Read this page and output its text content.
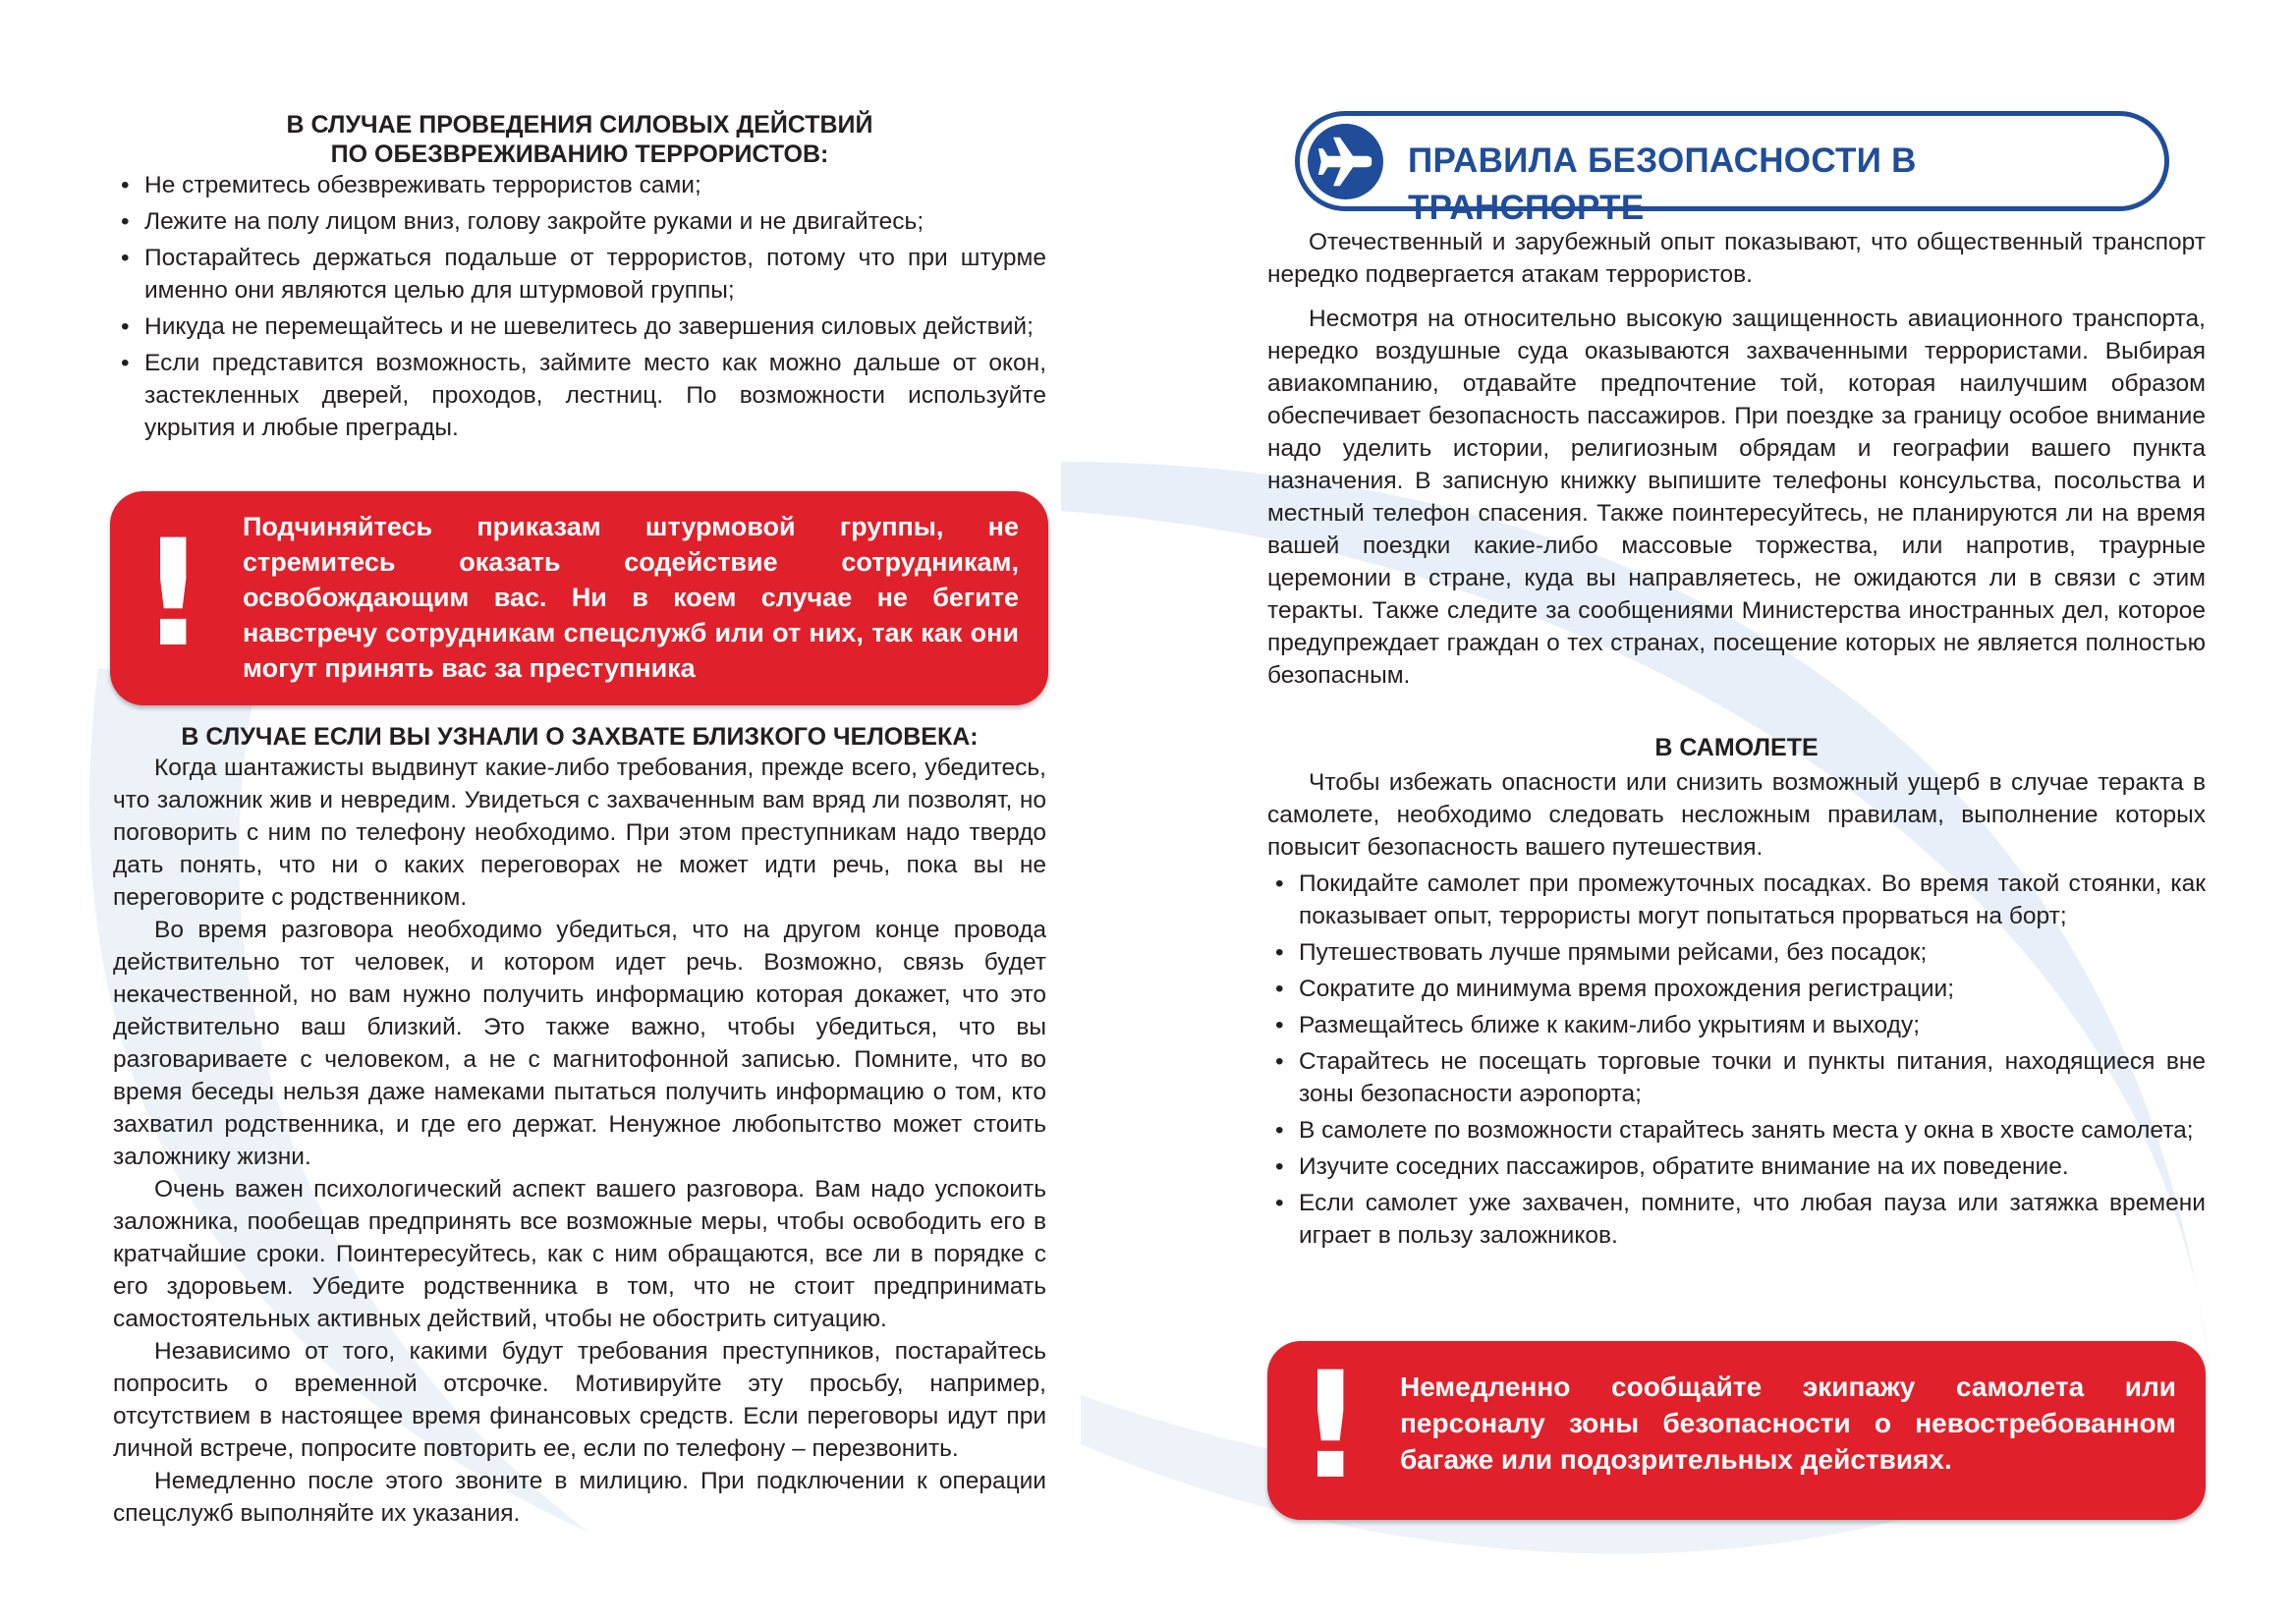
В СЛУЧАЕ ПРОВЕДЕНИЯ СИЛОВЫХ ДЕЙСТВИЙ
ПО ОБЕЗВРЕЖИВАНИЮ ТЕРРОРИСТОВ:
• Не стремитесь обезвреживать террористов сами;
• Лежите на полу лицом вниз, голову закройте руками и не двигайтесь;
• Постарайтесь держаться подальше от террористов, потому что при штурме именно они являются целью для штурмовой группы;
• Никуда не перемещайтесь и не шевелитесь до завершения силовых действий;
• Если представится возможность, займите место как можно дальше от окон, застекленных дверей, проходов, лестниц. По возможности используйте укрытия и любые преграды.
! Подчиняйтесь приказам штурмовой группы, не стремитесь оказать содействие сотрудникам, освобождающим вас. Ни в коем случае не бегите навстречу сотрудникам спецслужб или от них, так как они могут принять вас за преступника
В СЛУЧАЕ ЕСЛИ ВЫ УЗНАЛИ О ЗАХВАТЕ БЛИЗКОГО ЧЕЛОВЕКА:

Когда шантажисты выдвинут какие-либо требования, прежде всего, убедитесь, что заложник жив и невредим. Увидеться с захваченным вам вряд ли позволят, но поговорить с ним по телефону необходимо. При этом преступникам надо твердо дать понять, что ни о каких переговорах не может идти речь, пока вы не переговорите с родственником.

Во время разговора необходимо убедиться, что на другом конце провода действительно тот человек, и котором идет речь. Возможно, связь будет некачественной, но вам нужно получить информацию которая докажет, что это действительно ваш близкий. Это также важно, чтобы убедиться, что вы разговариваете с человеком, а не с магнитофонной записью. Помните, что во время беседы нельзя даже намеками пытаться получить информацию о том, кто захватил родственника, и где его держат. Ненужное любопытство может стоить заложнику жизни.

Очень важен психологический аспект вашего разговора. Вам надо успокоить заложника, пообещав предпринять все возможные меры, чтобы освободить его в кратчайшие сроки. Поинтересуйтесь, как с ним обращаются, все ли в порядке с его здоровьем. Убедите родственника в том, что не стоит предпринимать самостоятельных активных действий, чтобы не обострить ситуацию.

Независимо от того, какими будут требования преступников, постарайтесь попросить о временной отсрочке. Мотивируйте эту просьбу, например, отсутствием в настоящее время финансовых средств. Если переговоры идут при личной встрече, попросите повторить ее, если по телефону – перезвонить.

Немедленно после этого звоните в милицию. При подключении к операции спецслужб выполняйте их указания.

ПРАВИЛА БЕЗОПАСНОСТИ В ТРАНСПОРТЕ

Отечественный и зарубежный опыт показывают, что общественный транспорт нередко подвергается атакам террористов.

Несмотря на относительно высокую защищенность авиационного транспорта, нередко воздушные суда оказываются захваченными террористами. Выбирая авиакомпанию, отдавайте предпочтение той, которая наилучшим образом обеспечивает безопасность пассажиров. При поездке за границу особое внимание надо уделить истории, религиозным обрядам и географии вашего пункта назначения. В записную книжку выпишите телефоны консульства, посольства и местный телефон спасения. Также поинтересуйтесь, не планируются ли на время вашей поездки какие-либо массовые торжества, или напротив, траурные церемонии в стране, куда вы направляетесь, не ожидаются ли в связи с этим теракты. Также следите за сообщениями Министерства иностранных дел, которое предупреждает граждан о тех странах, посещение которых не является полностью безопасным.

В САМОЛЕТЕ

Чтобы избежать опасности или снизить возможный ущерб в случае теракта в самолете, необходимо следовать несложным правилам, выполнение которых повысит безопасность вашего путешествия.

• Покидайте самолет при промежуточных посадках. Во время такой стоянки, как показывает опыт, террористы могут попытаться прорваться на борт;
• Путешествовать лучше прямыми рейсами, без посадок;
• Сократите до минимума время прохождения регистрации;
• Размещайтесь ближе к каким-либо укрытиям и выходу;
• Старайтесь не посещать торговые точки и пункты питания, находящиеся вне зоны безопасности аэропорта;
• В самолете по возможности старайтесь занять места у окна в хвосте самолета;
• Изучите соседних пассажиров, обратите внимание на их поведение.
• Если самолет уже захвачен, помните, что любая пауза или затяжка времени играет в пользу заложников.
! Немедленно сообщайте экипажу самолета или персоналу зоны безопасности о невостребованном багаже или подозрительных действиях.
